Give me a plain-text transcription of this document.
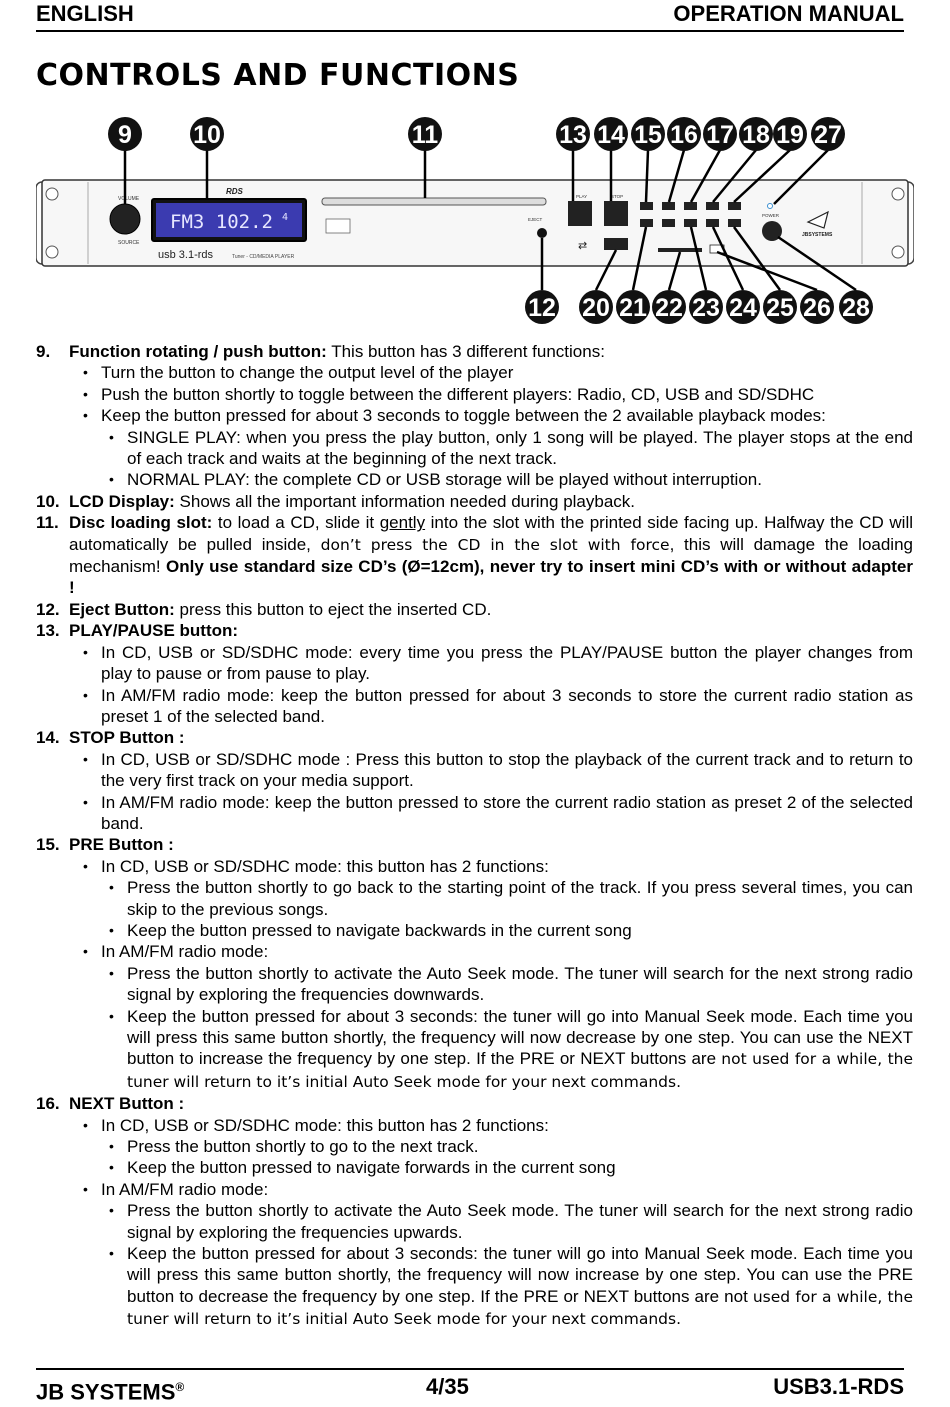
ENGLISH	OPERATION MANUAL
CONTROLS AND FUNCTIONS
VOLUME
SOURCE
RDS
FM3 102.2 4
usb 3.1-rds	Tuner - CD/MEDIA PLAYER
EJECT
PLAY	STOP
⇄
POWER
JBSYSTEMS
9 10	11	13 14 15 16 17 18 19 27
12 20 21 22 23 24 25 26 28
9.	Function rotating / push button: This button has 3 different functions:
• Turn the button to change the output level of the player
• Push the button shortly to toggle between the different players: Radio, CD, USB and SD/SDHC
• Keep the button pressed for about 3 seconds to toggle between the 2 available playback modes:
• SINGLE PLAY: when you press the play button, only 1 song will be played. The player stops at the end of each track and waits at the beginning of the next track.
• NORMAL PLAY: the complete CD or USB storage will be played without interruption.
10. LCD Display: Shows all the important information needed during playback.
11. Disc loading slot: to load a CD, slide it gently into the slot with the printed side facing up. Halfway the CD will automatically be pulled inside, don’t press the CD in the slot with force, this will damage the loading mechanism! Only use standard size CD’s (Ø=12cm), never try to insert mini CD’s with or without adapter !
12. Eject Button: press this button to eject the inserted CD.
13. PLAY/PAUSE button:
• In CD, USB or SD/SDHC mode: every time you press the PLAY/PAUSE button the player changes from play to pause or from pause to play.
• In AM/FM radio mode: keep the button pressed for about 3 seconds to store the current radio station as preset 1 of the selected band.
14. STOP Button :
• In CD, USB or SD/SDHC mode : Press this button to stop the playback of the current track and to return to the very first track on your media support.
• In AM/FM radio mode: keep the button pressed to store the current radio station as preset 2 of the selected band.
15. PRE Button :
• In CD, USB or SD/SDHC mode: this button has 2 functions:
• Press the button shortly to go back to the starting point of the track. If you press several times, you can skip to the previous songs.
• Keep the button pressed to navigate backwards in the current song
• In AM/FM radio mode:
• Press the button shortly to activate the Auto Seek mode. The tuner will search for the next strong radio signal by exploring the frequencies downwards.
• Keep the button pressed for about 3 seconds: the tuner will go into Manual Seek mode. Each time you will press this same button shortly, the frequency will now decrease by one step. You can use the NEXT button to increase the frequency by one step. If the PRE or NEXT buttons are not used for a while, the tuner will return to it’s initial Auto Seek mode for your next commands.
16. NEXT Button :
• In CD, USB or SD/SDHC mode: this button has 2 functions:
• Press the button shortly to go to the next track.
• Keep the button pressed to navigate forwards in the current song
• In AM/FM radio mode:
• Press the button shortly to activate the Auto Seek mode. The tuner will search for the next strong radio signal by exploring the frequencies upwards.
• Keep the button pressed for about 3 seconds: the tuner will go into Manual Seek mode. Each time you will press this same button shortly, the frequency will now increase by one step. You can use the PRE button to decrease the frequency by one step. If the PRE or NEXT buttons are not used for a while, the tuner will return to it’s initial Auto Seek mode for your next commands.
JB SYSTEMS®	4/35	USB3.1-RDS
